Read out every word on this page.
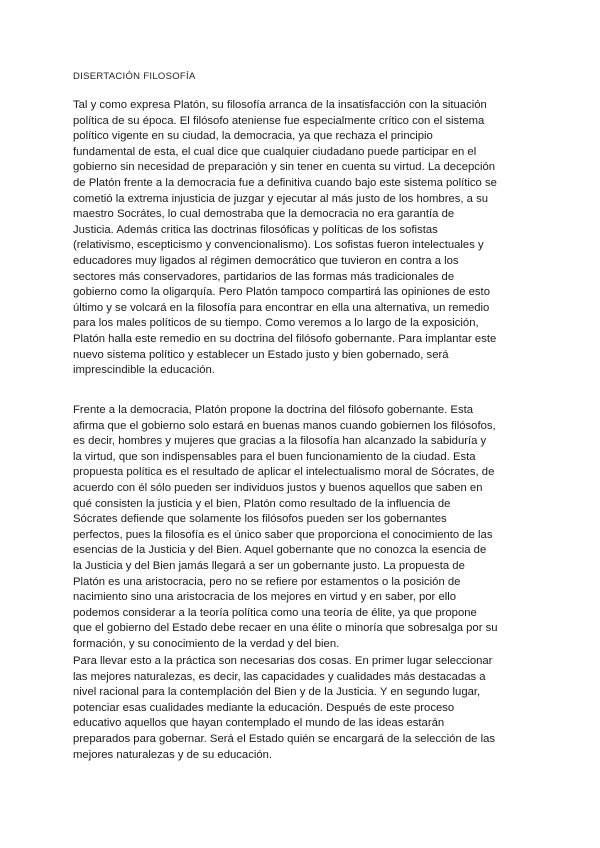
DISERTACIÓN FILOSOFÍA
Tal y como expresa Platón, su filosofía arranca de la insatisfacción con la situación
política de su época. El filósofo ateniense fue especialmente crítico con el sistema
político vigente en su ciudad, la democracia, ya que rechaza el principio
fundamental de esta, el cual dice que cualquier ciudadano puede participar en el
gobierno sin necesidad de preparación y sin tener en cuenta su virtud. La decepción
de Platón frente a la democracia fue a definitiva cuando bajo este sistema político se
cometió la extrema injusticia de juzgar y ejecutar al más justo de los hombres, a su
maestro Socrátes, lo cual demostraba que la democracia no era garantía de
Justicia. Además critica las doctrinas filosóficas y políticas de los sofistas
(relativismo, escepticismo y convencionalismo). Los sofistas fueron intelectuales y
educadores muy ligados al régimen democrático que tuvieron en contra a los
sectores más conservadores, partidarios de las formas más tradicionales de
gobierno como la oligarquía. Pero Platón tampoco compartirá las opiniones de esto
último y se volcará en la filosofía para encontrar en ella una alternativa, un remedio
para los males políticos de su tiempo. Como veremos a lo largo de la exposición,
Platón halla este remedio en su doctrina del filósofo gobernante. Para implantar este
nuevo sistema político y establecer un Estado justo y bien gobernado, será
imprescindible la educación.
Frente a la democracia, Platón propone la doctrina del filósofo gobernante. Esta
afirma que el gobierno solo estará en buenas manos cuando gobiernen los filósofos,
es decir, hombres y mujeres que gracias a la filosofía han alcanzado la sabiduría y
la virtud, que son indispensables para el buen funcionamiento de la ciudad. Esta
propuesta política es el resultado de aplicar el intelectualismo moral de Sócrates, de
acuerdo con él sólo pueden ser individuos justos y buenos aquellos que saben en
qué consisten la justicia y el bien, Platón como resultado de la influencia de
Sócrates defiende que solamente los filósofos pueden ser los gobernantes
perfectos, pues la filosofía es el único saber que proporciona el conocimiento de las
esencias de la Justicia y del Bien. Aquel gobernante que no conozca la esencia de
la Justicia y del Bien jamás llegará a ser un gobernante justo. La propuesta de
Platón es una aristocracia, pero no se refiere por estamentos o la posición de
nacimiento sino una aristocracia de los mejores en virtud y en saber, por ello
podemos considerar a la teoría política como una teoría de élite, ya que propone
que el gobierno del Estado debe recaer en una élite o minoría que sobresalga por su
formación, y su conocimiento de la verdad y del bien.
Para llevar esto a la práctica son necesarias dos cosas. En primer lugar seleccionar
las mejores naturalezas, es decir, las capacidades y cualidades más destacadas a
nivel racional para la contemplación del Bien y de la Justicia. Y en segundo lugar,
potenciar esas cualidades mediante la educación. Después de este proceso
educativo aquellos que hayan contemplado el mundo de las ideas estarán
preparados para gobernar. Será el Estado quién se encargará de la selección de las
mejores naturalezas y de su educación.
